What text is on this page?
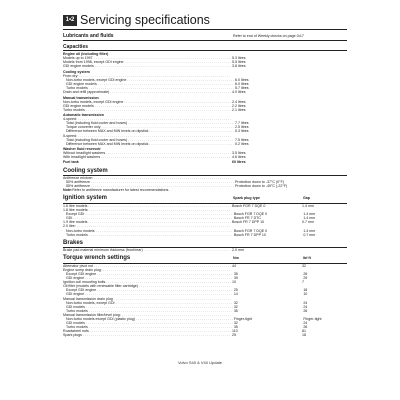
1•2 Servicing specifications
Lubricants and fluids	Refer to end of Weekly checks on page 0•17
Capacities
Engine oil (including filter)
Models up to 1997 . . .	5.3 litres
Models from 1998, except GDI engine . . .	5.5 litres
GDI engine models . . .	3.8 litres
Cooling system
From dry: . . .
Non-turbo models, except GDI engine . . .	6.0 litres
GDI engine models . . .	6.0 litres
Turbo models . . .	5.7 litres
Drain and refill (approximate) . . .	4.0 litres
Manual transmission
Non-turbo models, except GDI engine . . .	2.4 litres
GDI engine models . . .	2.2 litres
Turbo models . . .	2.1 litres
Automatic transmission
4-speed: . . .
Total (including fluid cooler and hoses) . . .	7.7 litres
Torque converter only . . .	2.5 litres
Difference between MAX and MIN levels on dipstick . . .	0.3 litres
5-speed: . . .
Total (including fluid cooler and hoses) . . .	7.5 litres
Difference between MAX and MIN levels on dipstick . . .	0.2 litres
Washer fluid reservoir
Without headlight washers . . .	3.5 litres
With headlight washers . . .	4.6 litres
Fuel tank	60 litres
Cooling system
Antifreeze mixture: . . .
50% antifreeze . . .	Protection down to -37°C (0°F)
55% antifreeze . . .	Protection down to -45°C (-22°F)
Note: Refer to antifreeze manufacturer for latest recommendations.
Ignition system	Spark plug type	Gap
1.6 litre models . . .	Bosch FGR 7 DQE 0	1.4 mm
1.8 litre models: . . .
Except GDI . . .	Bosch FGR 7 DQE 0	1.4 mm
GDI . . .	Bosch FR 7 DTC	1.4 mm
1.9 litre models . . .	Bosch FR 7 DPP 10	0.7 mm
2.0 litre: . . .
Non-turbo models . . .	Bosch FGR 7 DQE 0	1.4 mm
Turbo models . . .	Bosch FR 7 DPP 10	0.7 mm
Brakes
Brake pad material minimum thickness (front/rear) . . .	2.0 mm
Torque wrench settings	Nm	lbf ft
Alternator pivot nut . . .	44	32
Engine sump drain plug: . . .
Except GDI engine . . .	35	26
GDI engine . . .	39	29
Ignition coil mounting bolts . . .	10	7
Oil filter (models with renewable filter cartridge) . . .
Except GDI engine . . .	25	18
GDI engine . . .	14	10
Manual transmission drain plug . . .
Non-turbo models, except GDI . . .	32	24
GDI models . . .	32	24
Turbo models . . .	35	26
Manual transmission filler/level plug: . . .
Non-turbo models except GDI (plastic plug) . . .	Finger-tight	Finger-tight
GDI models . . .	32	24
Turbo models . . .	35	26
Roadwheel nuts . . .	110	81
Spark plugs . . .	25	18
Volvo S40 & V40 Update
